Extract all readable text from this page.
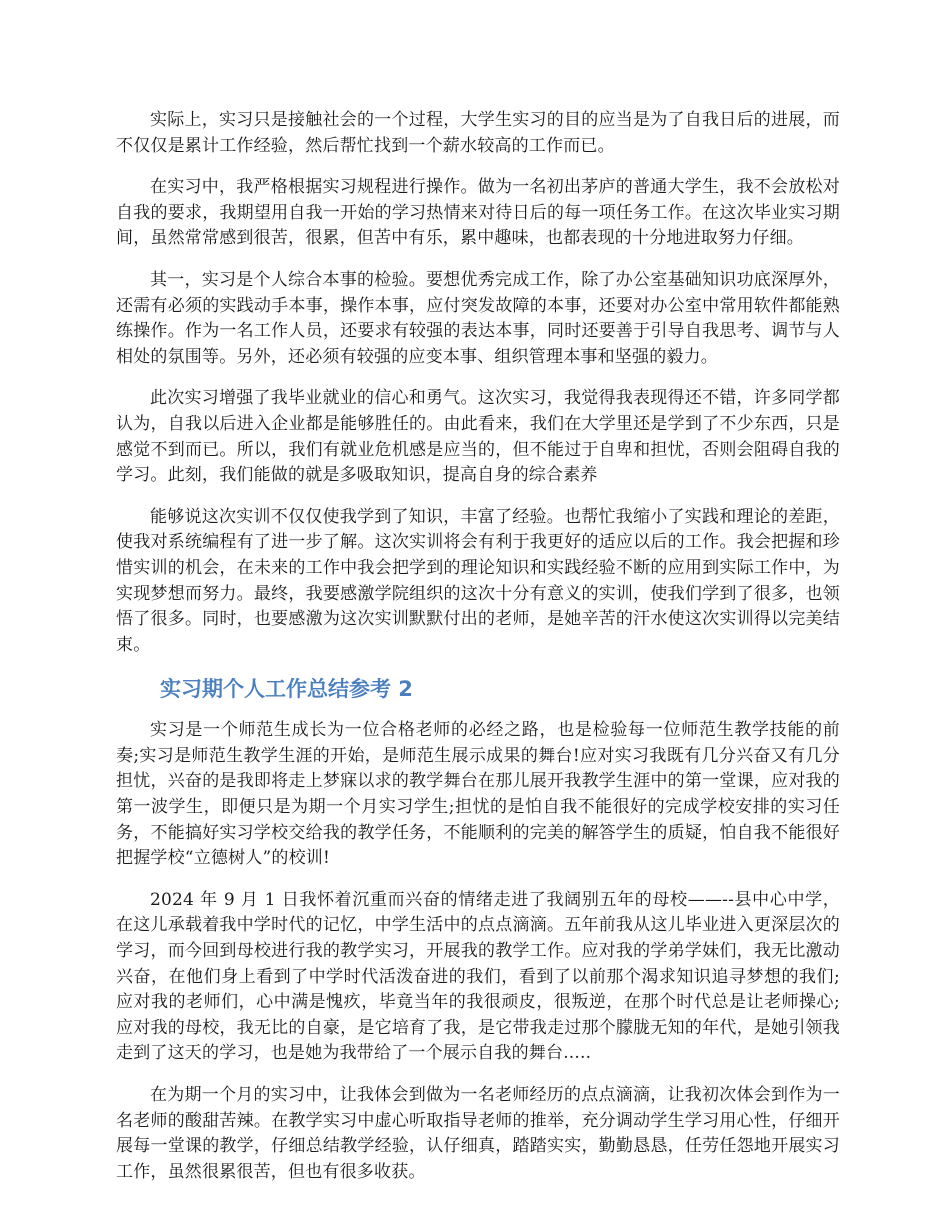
实际上，实习只是接触社会的一个过程，大学生实习的目的应当是为了自我日后的进展，而不仅仅是累计工作经验，然后帮忙找到一个薪水较高的工作而已。

在实习中，我严格根据实习规程进行操作。做为一名初出茅庐的普通大学生，我不会放松对自我的要求，我期望用自我一开始的学习热情来对待日后的每一项任务工作。在这次毕业实习期间，虽然常常感到很苦，很累，但苦中有乐，累中趣味，也都表现的十分地进取努力仔细。

其一，实习是个人综合本事的检验。要想优秀完成工作，除了办公室基础知识功底深厚外，还需有必须的实践动手本事，操作本事，应付突发故障的本事，还要对办公室中常用软件都能熟练操作。作为一名工作人员，还要求有较强的表达本事，同时还要善于引导自我思考、调节与人相处的氛围等。另外，还必须有较强的应变本事、组织管理本事和坚强的毅力。

此次实习增强了我毕业就业的信心和勇气。这次实习，我觉得我表现得还不错，许多同学都认为，自我以后进入企业都是能够胜任的。由此看来，我们在大学里还是学到了不少东西，只是感觉不到而已。所以，我们有就业危机感是应当的，但不能过于自卑和担忧，否则会阻碍自我的学习。此刻，我们能做的就是多吸取知识，提高自身的综合素养

能够说这次实训不仅仅使我学到了知识，丰富了经验。也帮忙我缩小了实践和理论的差距，使我对系统编程有了进一步了解。这次实训将会有利于我更好的适应以后的工作。我会把握和珍惜实训的机会，在未来的工作中我会把学到的理论知识和实践经验不断的应用到实际工作中，为实现梦想而努力。最终，我要感激学院组织的这次十分有意义的实训，使我们学到了很多，也领悟了很多。同时，也要感激为这次实训默默付出的老师，是她辛苦的汗水使这次实训得以完美结束。

实习期个人工作总结参考 2

实习是一个师范生成长为一位合格老师的必经之路，也是检验每一位师范生教学技能的前奏;实习是师范生教学生涯的开始，是师范生展示成果的舞台!应对实习我既有几分兴奋又有几分担忧，兴奋的是我即将走上梦寐以求的教学舞台在那儿展开我教学生涯中的第一堂课，应对我的第一波学生，即便只是为期一个月实习学生;担忧的是怕自我不能很好的完成学校安排的实习任务，不能搞好实习学校交给我的教学任务，不能顺利的完美的解答学生的质疑，怕自我不能很好把握学校“立德树人”的校训!

2024 年 9 月 1 日我怀着沉重而兴奋的情绪走进了我阔别五年的母校——--县中心中学，在这儿承载着我中学时代的记忆，中学生活中的点点滴滴。五年前我从这儿毕业进入更深层次的学习，而今回到母校进行我的教学实习，开展我的教学工作。应对我的学弟学妹们，我无比激动兴奋，在他们身上看到了中学时代活泼奋进的我们，看到了以前那个渴求知识追寻梦想的我们;应对我的老师们，心中满是愧疚，毕竟当年的我很顽皮，很叛逆，在那个时代总是让老师操心;应对我的母校，我无比的自豪，是它培育了我，是它带我走过那个朦胧无知的年代，是她引领我走到了这天的学习，也是她为我带给了一个展示自我的舞台.....

在为期一个月的实习中，让我体会到做为一名老师经历的点点滴滴，让我初次体会到作为一名老师的酸甜苦辣。在教学实习中虚心听取指导老师的推举，充分调动学生学习用心性，仔细开展每一堂课的教学，仔细总结教学经验，认仔细真，踏踏实实，勤勤恳恳，任劳任怨地开展实习工作，虽然很累很苦，但也有很多收获。
